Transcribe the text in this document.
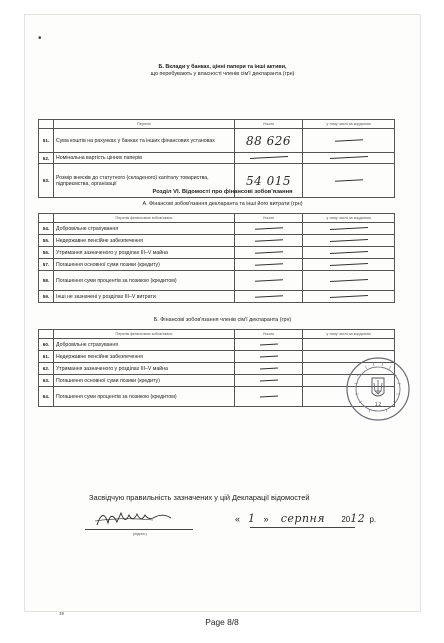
•
Б. Вклади у банках, цінні папери та інші активи,
що перебувають у власності членів сім'ї декларанта (грн)
	Перелік	Усього	у тому числі за кордоном
51.	Сума коштів на рахунках у банках та інших фінансових установах	88 626	
52.	Номінальна вартість цінних паперів		
53.	Розмір внесків до статутного (складеного) капіталу товариства, підприємства, організації	54 015	
Розділ VI. Відомості про фінансові зобов'язання
А. Фінансові зобов'язання декларанта та інші його витрати (грн)
	Перелік фінансових зобов'язань	Усього	у тому числі за кордоном
54.	Добровільне страхування		
55.	Недержавне пенсійне забезпечення		
56.	Утримання зазначеного у розділах III–V майна		
57.	Погашення основної суми позики (кредиту)		
58.	Погашення суми процентів за позикою (кредитом)		
59.	Інші не зазначені у розділах III–V витрати		
Б. Фінансові зобов'язання членів сім'ї декларанта (грн)
	Перелік фінансових зобов'язань	Усього	у тому числі за кордоном
60.	Добровільне страхування		
61.	Недержавне пенсійне забезпечення		
62.	Утримання зазначеного у розділах III–V майна		
63.	Погашення основної суми позики (кредиту)		
64.	Погашення суми процентів за позикою (кредитом)		
12
Засвідчую правильність зазначених у цій Декларації відомостей
(підпис)
« 1 » серпня 2012 р.
39
Page 8/8
